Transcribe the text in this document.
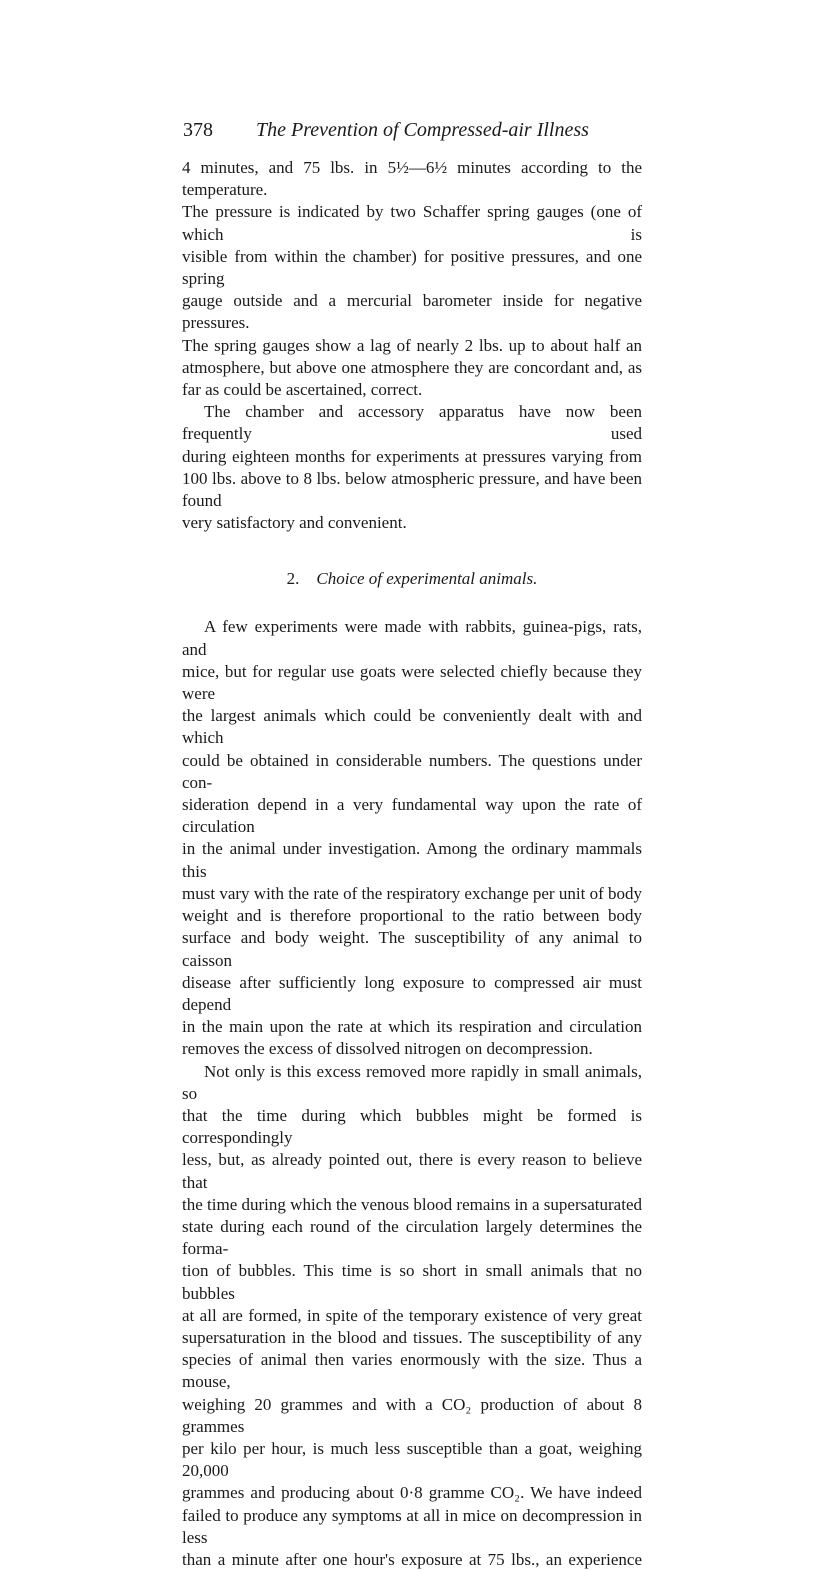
378 The Prevention of Compressed-air Illness

4 minutes, and 75 lbs. in 5½—6½ minutes according to the temperature.

The pressure is indicated by two Schaffer spring gauges (one of which is

visible from within the chamber) for positive pressures, and one spring

gauge outside and a mercurial barometer inside for negative pressures.

The spring gauges show a lag of nearly 2 lbs. up to about half an

atmosphere, but above one atmosphere they are concordant and, as

far as could be ascertained, correct.

The chamber and accessory apparatus have now been frequently used

during eighteen months for experiments at pressures varying from

100 lbs. above to 8 lbs. below atmospheric pressure, and have been found

very satisfactory and convenient.

2. Choice of experimental animals.

A few experiments were made with rabbits, guinea-pigs, rats, and

mice, but for regular use goats were selected chiefly because they were

the largest animals which could be conveniently dealt with and which

could be obtained in considerable numbers. The questions under con-

sideration depend in a very fundamental way upon the rate of circulation

in the animal under investigation. Among the ordinary mammals this

must vary with the rate of the respiratory exchange per unit of body

weight and is therefore proportional to the ratio between body

surface and body weight. The susceptibility of any animal to caisson

disease after sufficiently long exposure to compressed air must depend

in the main upon the rate at which its respiration and circulation

removes the excess of dissolved nitrogen on decompression.

Not only is this excess removed more rapidly in small animals, so

that the time during which bubbles might be formed is correspondingly

less, but, as already pointed out, there is every reason to believe that

the time during which the venous blood remains in a supersaturated

state during each round of the circulation largely determines the forma-

tion of bubbles. This time is so short in small animals that no bubbles

at all are formed, in spite of the temporary existence of very great

supersaturation in the blood and tissues. The susceptibility of any

species of animal then varies enormously with the size. Thus a mouse,

weighing 20 grammes and with a CO₂ production of about 8 grammes

per kilo per hour, is much less susceptible than a goat, weighing 20,000

grammes and producing about 0·8 gramme CO₂. We have indeed

failed to produce any symptoms at all in mice on decompression in less

than a minute after one hour's exposure at 75 lbs., an experience
